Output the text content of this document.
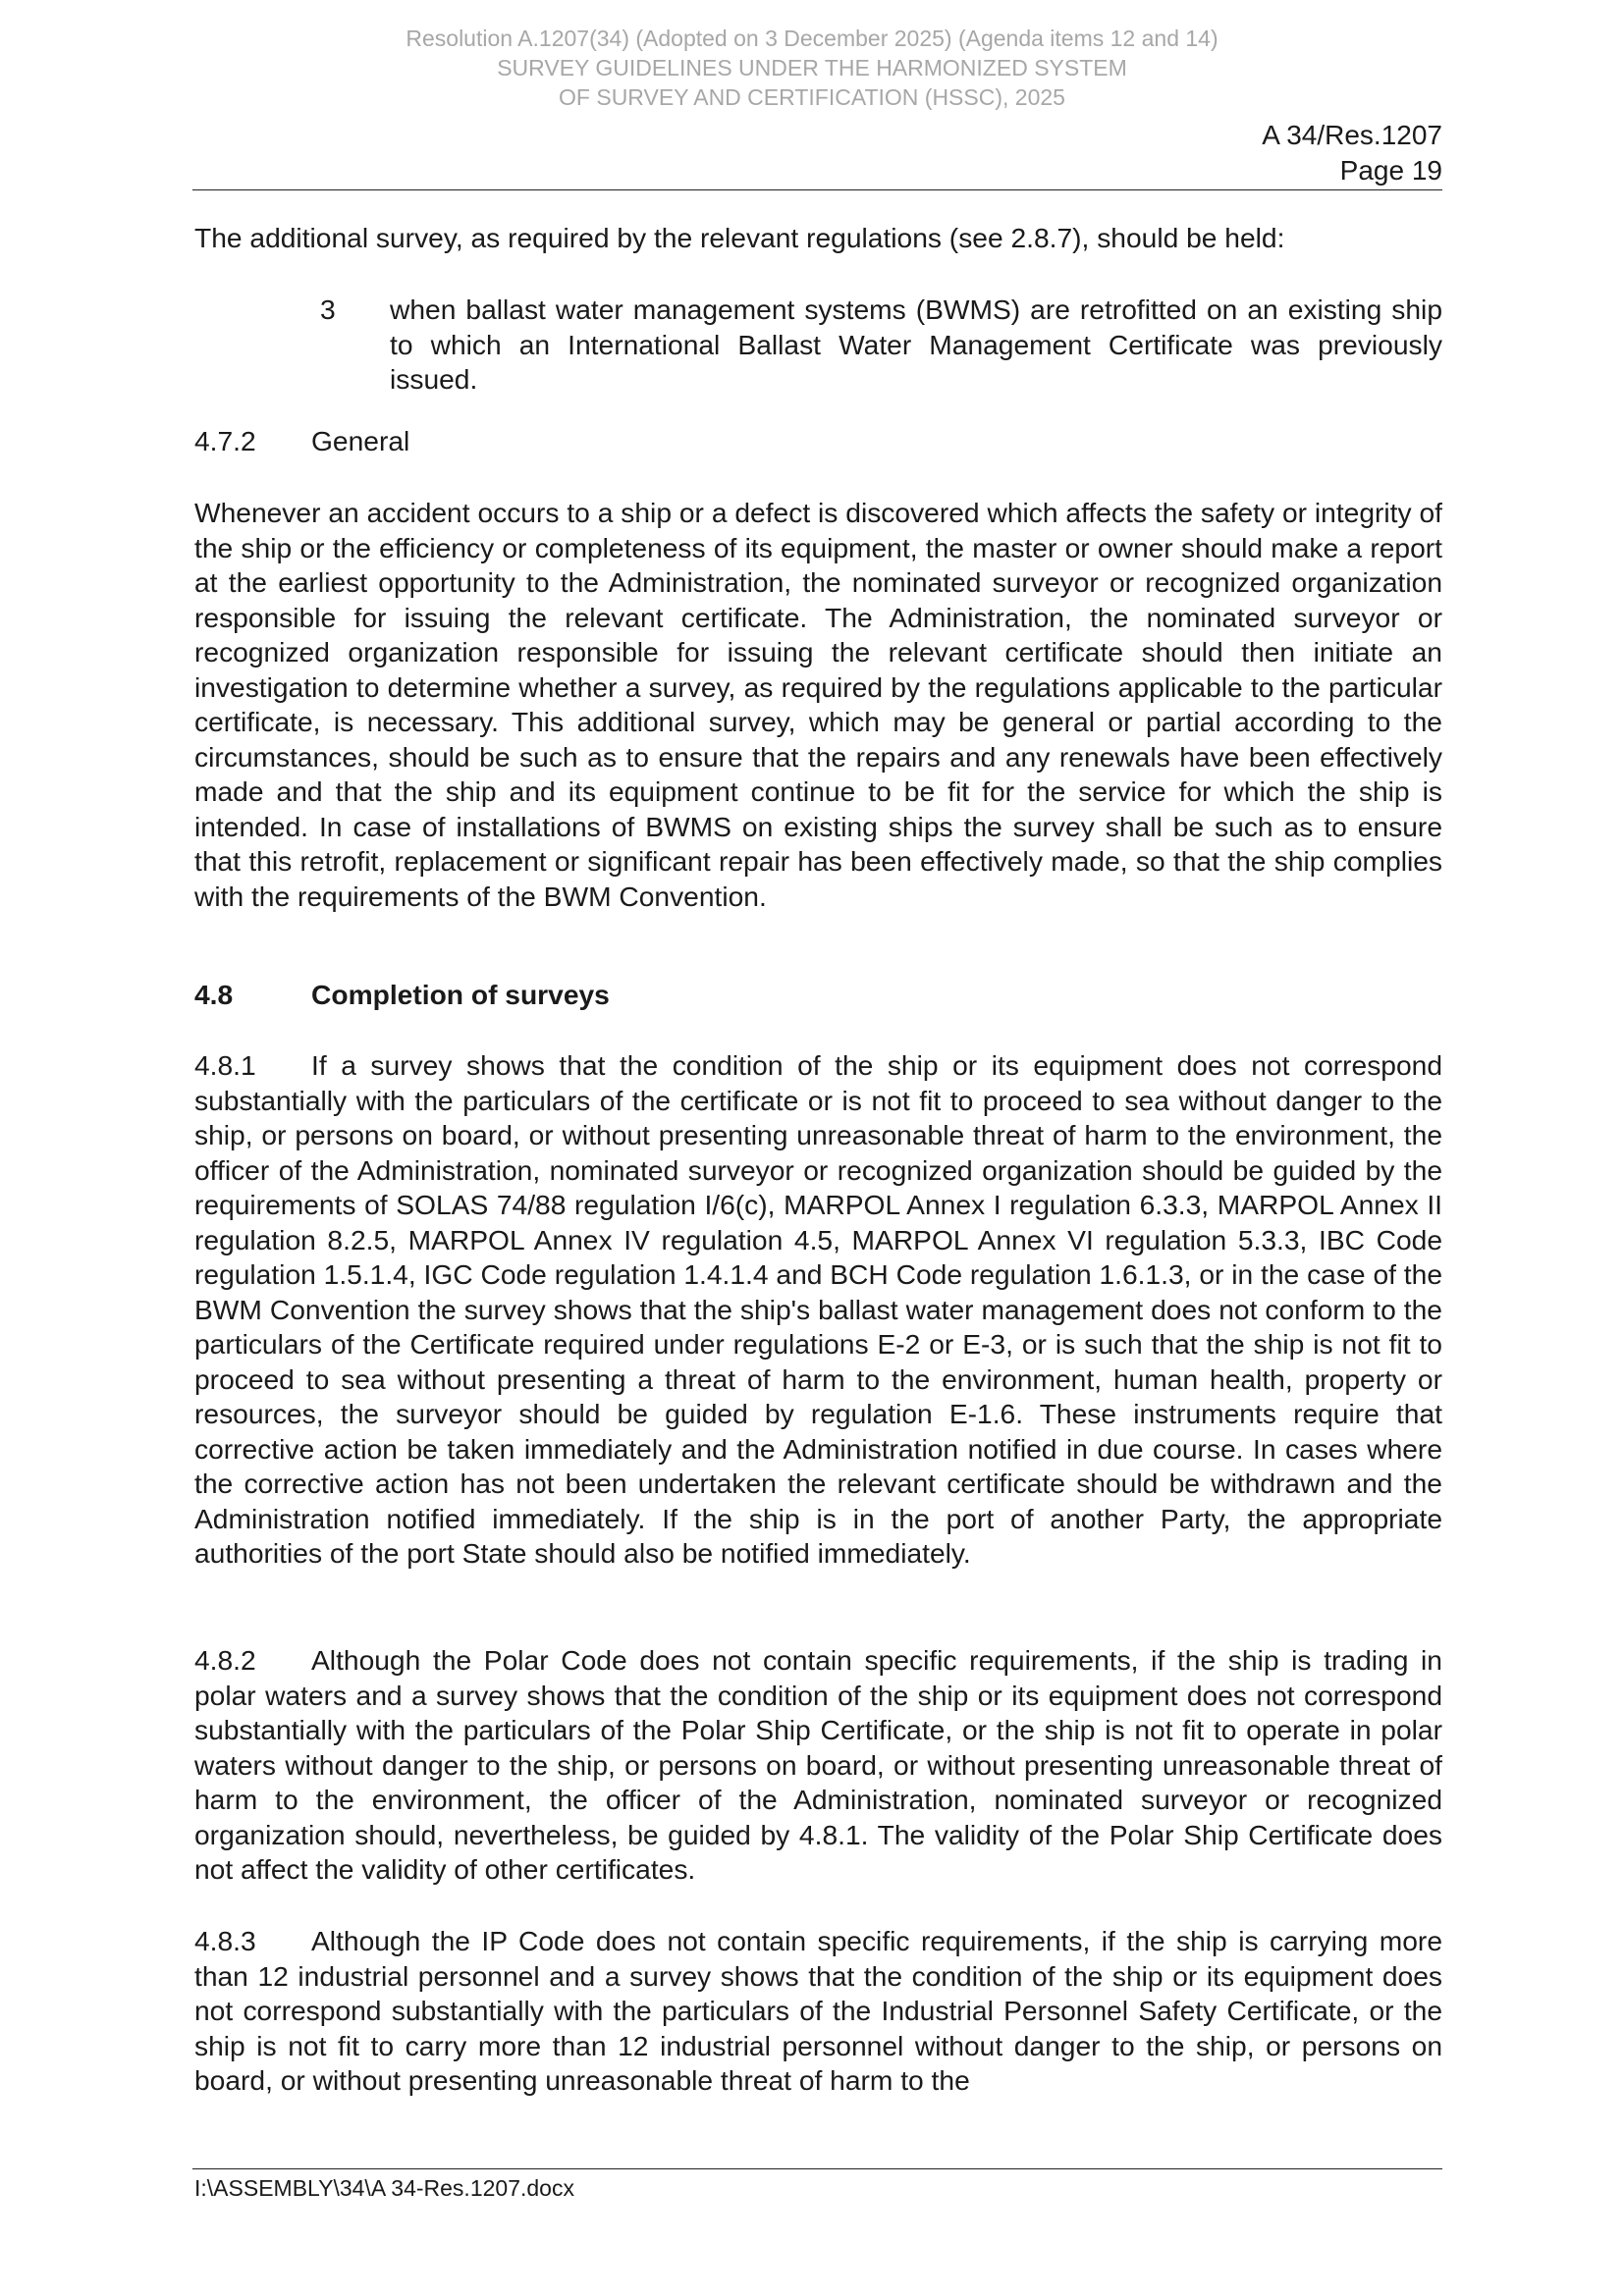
Resolution A.1207(34) (Adopted on 3 December 2025) (Agenda items 12 and 14)
SURVEY GUIDELINES UNDER THE HARMONIZED SYSTEM
OF SURVEY AND CERTIFICATION (HSSC), 2025
A 34/Res.1207
Page 19

The additional survey, as required by the relevant regulations (see 2.8.7), should be held:

3 when ballast water management systems (BWMS) are retrofitted on an existing ship to which an International Ballast Water Management Certificate was previously issued.
4.7.2 General

Whenever an accident occurs to a ship or a defect is discovered which affects the safety or integrity of the ship or the efficiency or completeness of its equipment, the master or owner should make a report at the earliest opportunity to the Administration, the nominated surveyor or recognized organization responsible for issuing the relevant certificate. The Administration, the nominated surveyor or recognized organization responsible for issuing the relevant certificate should then initiate an investigation to determine whether a survey, as required by the regulations applicable to the particular certificate, is necessary. This additional survey, which may be general or partial according to the circumstances, should be such as to ensure that the repairs and any renewals have been effectively made and that the ship and its equipment continue to be fit for the service for which the ship is intended. In case of installations of BWMS on existing ships the survey shall be such as to ensure that this retrofit, replacement or significant repair has been effectively made, so that the ship complies with the requirements of the BWM Convention.

4.8	Completion of surveys

4.8.1 If a survey shows that the condition of the ship or its equipment does not correspond substantially with the particulars of the certificate or is not fit to proceed to sea without danger to the ship, or persons on board, or without presenting unreasonable threat of harm to the environment, the officer of the Administration, nominated surveyor or recognized organization should be guided by the requirements of SOLAS 74/88 regulation I/6(c), MARPOL Annex I regulation 6.3.3, MARPOL Annex II regulation 8.2.5, MARPOL Annex IV regulation 4.5, MARPOL Annex VI regulation 5.3.3, IBC Code regulation 1.5.1.4, IGC Code regulation 1.4.1.4 and BCH Code regulation 1.6.1.3, or in the case of the BWM Convention the survey shows that the ship's ballast water management does not conform to the particulars of the Certificate required under regulations E-2 or E-3, or is such that the ship is not fit to proceed to sea without presenting a threat of harm to the environment, human health, property or resources, the surveyor should be guided by regulation E-1.6. These instruments require that corrective action be taken immediately and the Administration notified in due course. In cases where the corrective action has not been undertaken the relevant certificate should be withdrawn and the Administration notified immediately. If the ship is in the port of another Party, the appropriate authorities of the port State should also be notified immediately.

4.8.2 Although the Polar Code does not contain specific requirements, if the ship is trading in polar waters and a survey shows that the condition of the ship or its equipment does not correspond substantially with the particulars of the Polar Ship Certificate, or the ship is not fit to operate in polar waters without danger to the ship, or persons on board, or without presenting unreasonable threat of harm to the environment, the officer of the Administration, nominated surveyor or recognized organization should, nevertheless, be guided by 4.8.1. The validity of the Polar Ship Certificate does not affect the validity of other certificates.

4.8.3 Although the IP Code does not contain specific requirements, if the ship is carrying more than 12 industrial personnel and a survey shows that the condition of the ship or its equipment does not correspond substantially with the particulars of the Industrial Personnel Safety Certificate, or the ship is not fit to carry more than 12 industrial personnel without danger to the ship, or persons on board, or without presenting unreasonable threat of harm to the

I:\ASSEMBLY\34\A 34-Res.1207.docx
